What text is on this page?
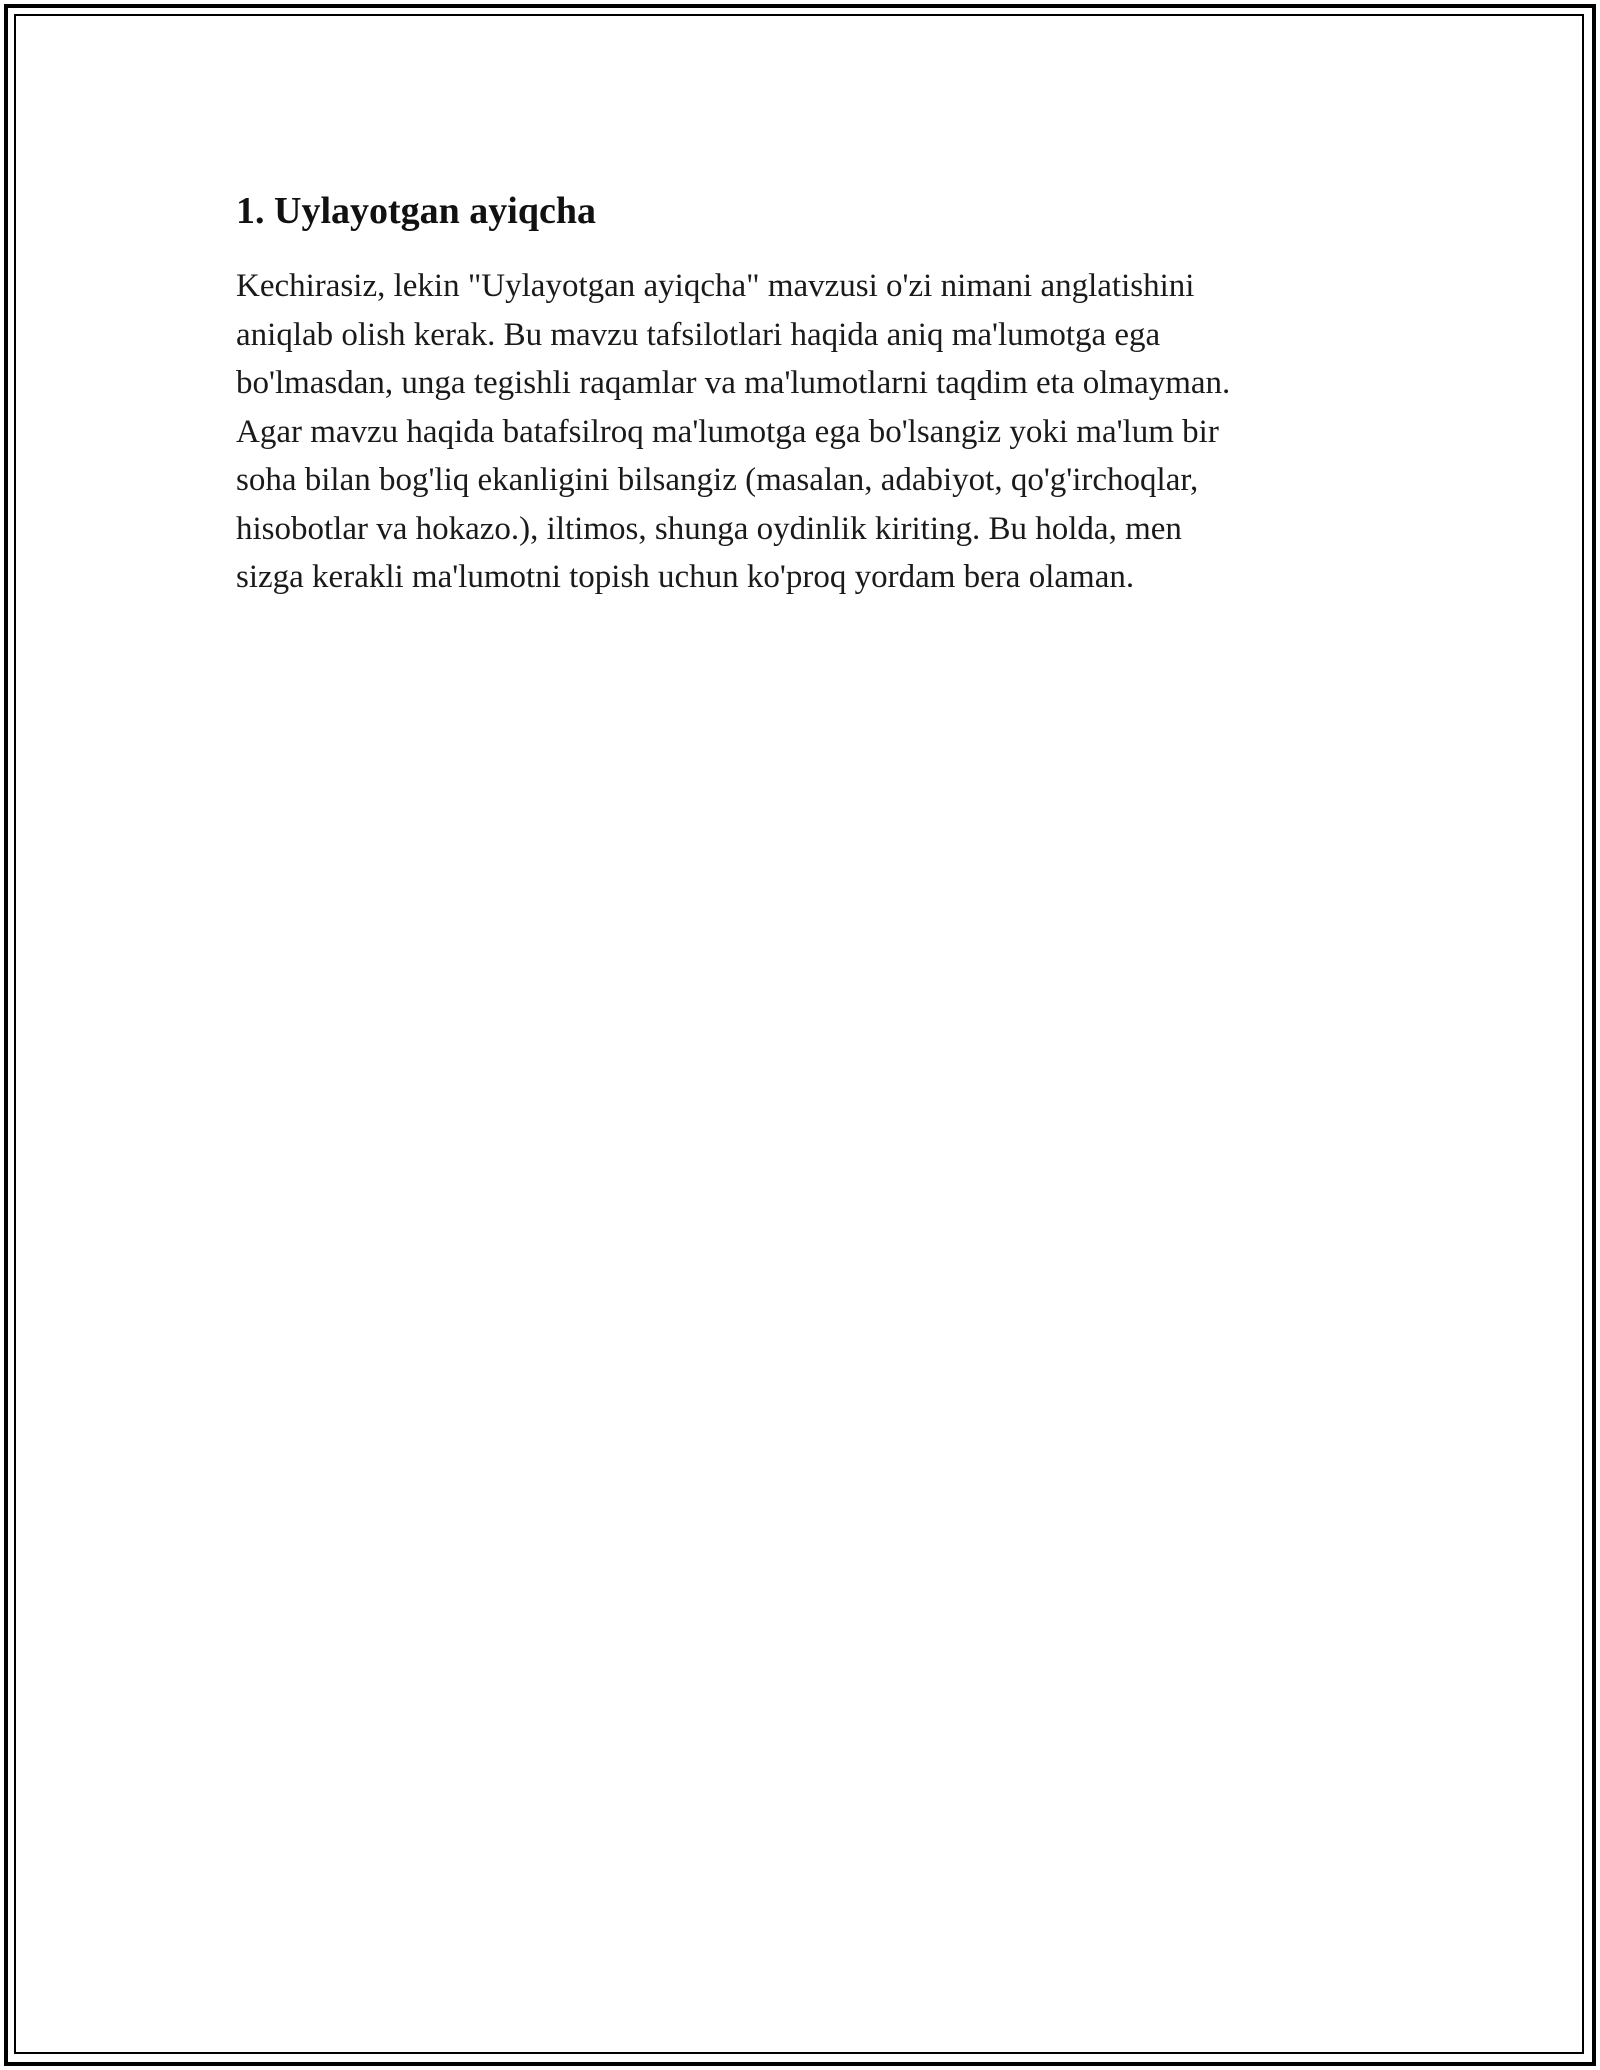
1. Uylayotgan ayiqcha

Kechirasiz, lekin "Uylayotgan ayiqcha" mavzusi o'zi nimani anglatishini
aniqlab olish kerak. Bu mavzu tafsilotlari haqida aniq ma'lumotga ega
bo'lmasdan, unga tegishli raqamlar va ma'lumotlarni taqdim eta olmayman.
Agar mavzu haqida batafsilroq ma'lumotga ega bo'lsangiz yoki ma'lum bir
soha bilan bog'liq ekanligini bilsangiz (masalan, adabiyot, qo'g'irchoqlar,
hisobotlar va hokazo.), iltimos, shunga oydinlik kiriting. Bu holda, men
sizga kerakli ma'lumotni topish uchun ko'proq yordam bera olaman.
